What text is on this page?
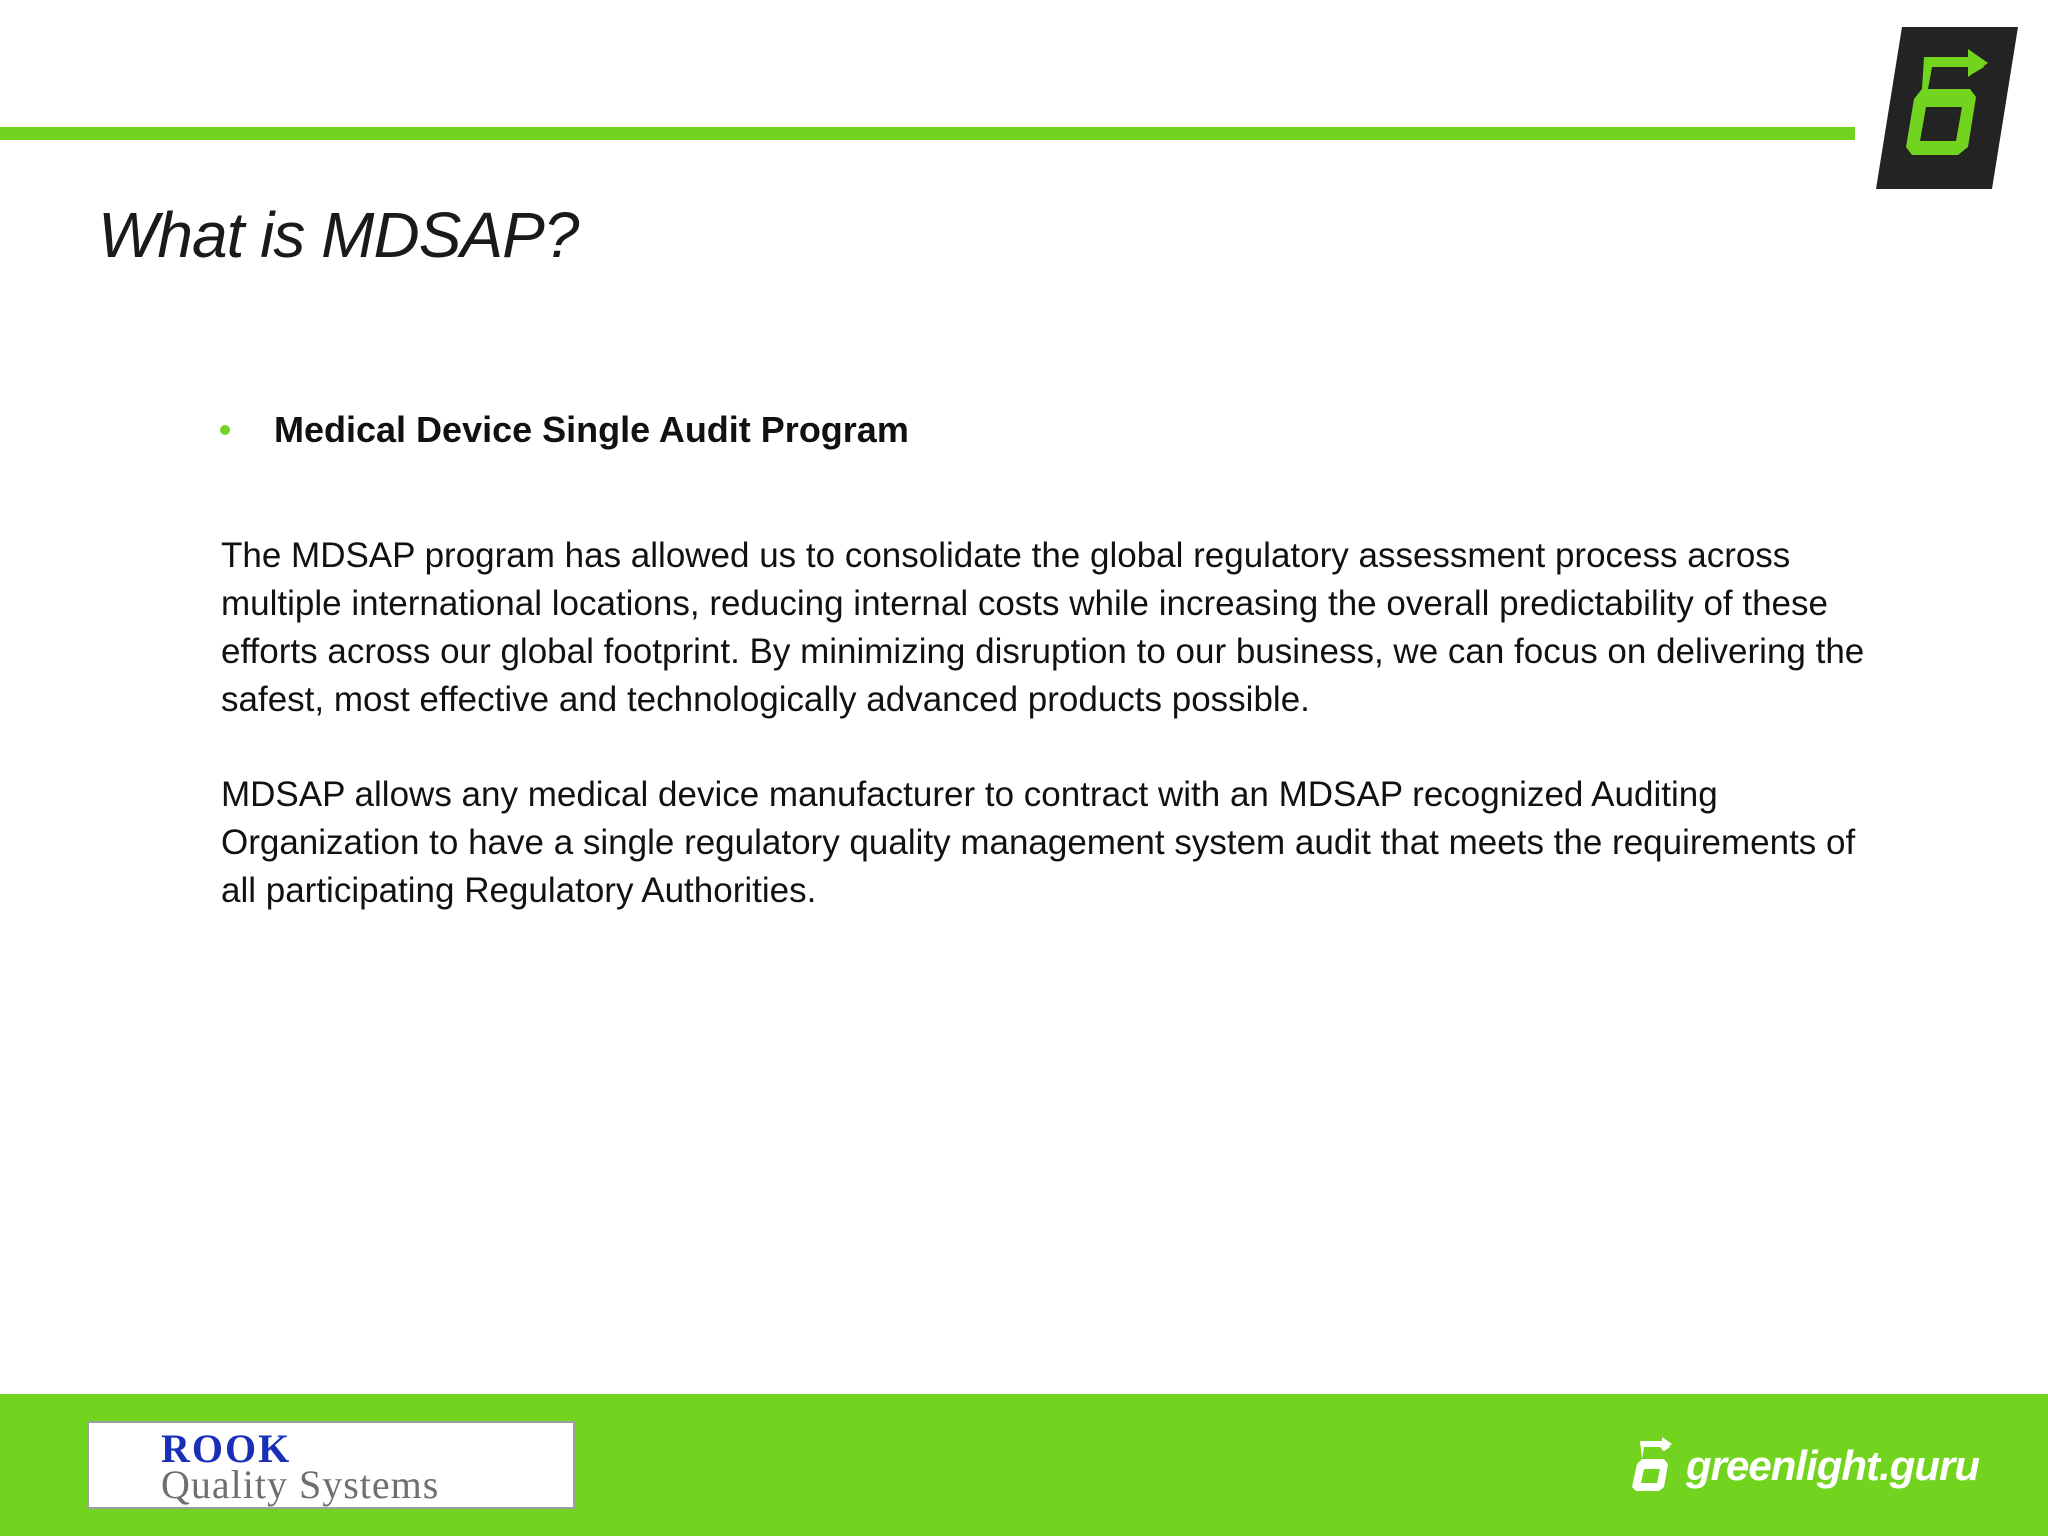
What is MDSAP?
Medical Device Single Audit Program

The MDSAP program has allowed us to consolidate the global regulatory assessment process across multiple international locations, reducing internal costs while increasing the overall predictability of these efforts across our global footprint. By minimizing disruption to our business, we can focus on delivering the safest, most effective and technologically advanced products possible.

MDSAP allows any medical device manufacturer to contract with an MDSAP recognized Auditing Organization to have a single regulatory quality management system audit that meets the requirements of all participating Regulatory Authorities.

ROOK
Quality Systems	greenlight.guru
